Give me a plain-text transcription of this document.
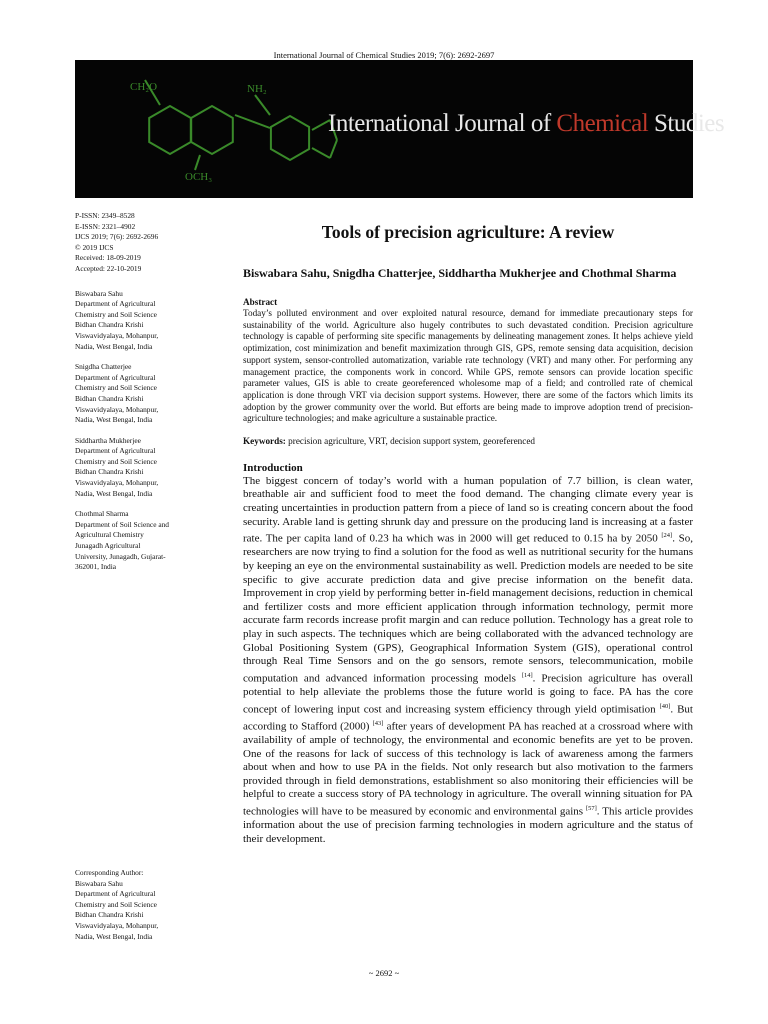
International Journal of Chemical Studies 2019; 7(6): 2692-2697
CH₂O	NH₂
OCH₃
International Journal of Chemical Studies
P-ISSN: 2349–8528
E-ISSN: 2321–4902
IJCS 2019; 7(6): 2692-2696
© 2019 IJCS
Received: 18-09-2019
Accepted: 22-10-2019
Biswabara Sahu
Department of Agricultural
Chemistry and Soil Science
Bidhan Chandra Krishi
Viswavidyalaya, Mohanpur,
Nadia, West Bengal, India
Snigdha Chatterjee
Department of Agricultural
Chemistry and Soil Science
Bidhan Chandra Krishi
Viswavidyalaya, Mohanpur,
Nadia, West Bengal, India
Siddhartha Mukherjee
Department of Agricultural
Chemistry and Soil Science
Bidhan Chandra Krishi
Viswavidyalaya, Mohanpur,
Nadia, West Bengal, India
Chothmal Sharma
Department of Soil Science and
Agricultural Chemistry
Junagadh Agricultural
University, Junagadh, Gujarat-
362001, India
Corresponding Author:
Biswabara Sahu
Department of Agricultural
Chemistry and Soil Science
Bidhan Chandra Krishi
Viswavidyalaya, Mohanpur,
Nadia, West Bengal, India
Tools of precision agriculture: A review
Biswabara Sahu, Snigdha Chatterjee, Siddhartha Mukherjee and Chothmal Sharma
Abstract
Today’s polluted environment and over exploited natural resource, demand for immediate precautionary steps for sustainability of the world. Agriculture also hugely contributes to such devastated condition. Precision agriculture technology is capable of performing site specific managements by delineating management zones. It helps achieve yield optimization, cost minimization and benefit maximization through GIS, GPS, remote sensing data acquisition, decision support system, sensor-controlled automatization, variable rate technology (VRT) and many other. For performing any management practice, the components work in concord. While GPS, remote sensors can provide location specific parameter values, GIS is able to create georeferenced wholesome map of a field; and controlled rate of chemical application is done through VRT via decision support systems. However, there are some of the factors which limits its adoption by the grower community over the world. But efforts are being made to improve adoption trend of precision-agriculture technologies; and make agriculture a sustainable practice.
Keywords: precision agriculture, VRT, decision support system, georeferenced
Introduction
The biggest concern of today’s world with a human population of 7.7 billion, is clean water, breathable air and sufficient food to meet the food demand. The changing climate every year is creating uncertainties in production pattern from a piece of land so is creating concern about the food security. Arable land is getting shrunk day and pressure on the producing land is increasing at a faster rate. The per capita land of 0.23 ha which was in 2000 will get reduced to 0.15 ha by 2050 [24]. So, researchers are now trying to find a solution for the food as well as nutritional security for the humans by keeping an eye on the environmental sustainability as well. Prediction models are needed to be site specific to give accurate prediction data and give precise information on the benefit data. Improvement in crop yield by performing better in-field management decisions, reduction in chemical and fertilizer costs and more efficient application through information technology, permit more accurate farm records increase profit margin and can reduce pollution. Technology has a great role to play in such aspects. The techniques which are being collaborated with the advanced technology are Global Positioning System (GPS), Geographical Information System (GIS), operational control through Real Time Sensors and on the go sensors, remote sensors, telecommunication, mobile computation and advanced information processing models [14]. Precision agriculture has overall potential to help alleviate the problems those the future world is going to face. PA has the core concept of lowering input cost and increasing system efficiency through yield optimisation [40]. But according to Stafford (2000) [43] after years of development PA has reached at a crossroad where with availability of ample of technology, the environmental and economic benefits are yet to be proven. One of the reasons for lack of success of this technology is lack of awareness among the farmers about when and how to use PA in the fields. Not only research but also motivation to the farmers provided through in field demonstrations, establishment so also monitoring their efficiencies will be helpful to create a success story of PA technology in agriculture. The overall winning situation for PA technologies will have to be measured by economic and environmental gains [57]. This article provides information about the use of precision farming technologies in modern agriculture and the status of their development.
~ 2692 ~
